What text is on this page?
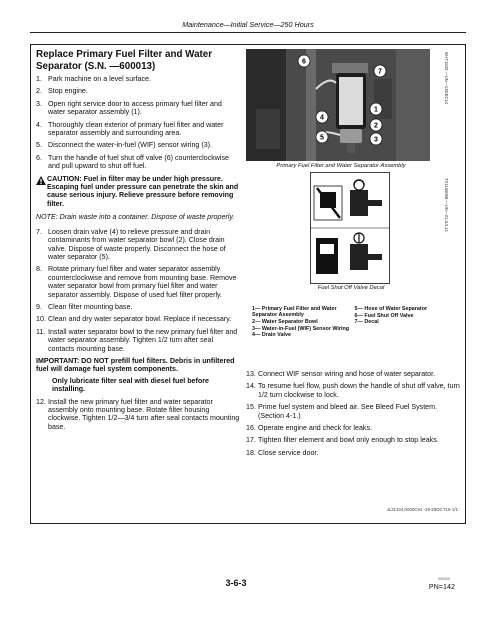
Maintenance—Initial Service—250 Hours
Replace Primary Fuel Filter and Water Separator (S.N. —600013)
1. Park machine on a level surface.
2. Stop engine.
3. Open right service door to access primary fuel filter and water separator assembly (1).
4. Thoroughly clean exterior of primary fuel filter and water separator assembly and surrounding area.
5. Disconnect the water-in-fuel (WIF) sensor wiring (3).
6. Turn the handle of fuel shut off valve (6) counterclockwise and pull upward to shut off fuel.
CAUTION: Fuel in filter may be under high pressure. Escaping fuel under pressure can penetrate the skin and cause serious injury. Relieve pressure before removing filter.
NOTE: Drain waste into a container. Dispose of waste properly.
7. Loosen drain valve (4) to relieve pressure and drain contaminants from water separator bowl (2). Close drain valve. Dispose of waste properly. Disconnect the hose of water separator (5).
8. Rotate primary fuel filter and water separator assembly counterclockwise and remove from mounting base. Remove water separator bowl from primary fuel filter and water separator assembly. Dispose of used fuel filter properly.
9. Clean filter mounting base.
10. Clean and dry water separator bowl. Replace if necessary.
11. Install water separator bowl to the new primary fuel filter and water separator assembly. Tighten 1/2 turn after seal contacts mounting base.
IMPORTANT: DO NOT prefill fuel filters. Debris in unfiltered fuel will damage fuel system components.
Only lubricate filter seal with diesel fuel before installing.
12. Install the new primary fuel filter and water separator assembly onto mounting base. Rotate filter housing clockwise. Tighten 1/2—3/4 turn after seal contacts mounting base.
1
2
3
4
5
6
7	W-IT1533 —UN—13DEC14
Primary Fuel Filter and Water Separator Assembly
TX1166058 —UN—21JUL14
Fuel Shut Off Valve Decal
1— Primary Fuel Filter and Water Separator Assembly
2— Water Separator Bowl
3— Water-in-Fuel (WIF) Sensor Wiring
4— Drain Valve
5— Hose of Water Separator
6— Fuel Shut Off Valve
7— Decal
13. Connect WIF sensor wiring and hose of water separator.
14. To resume fuel flow, push down the handle of shut off valve, turn 1/2 turn clockwise to lock.
15. Prime fuel system and bleed air. See Bleed Fuel System. (Section 4-1.)
16. Operate engine and check for leaks.
17. Tighten filter element and bowl only enough to stop leaks.
18. Close service door.
JL31334,0000C91 -19-28OCT15-1/1
3-6-3	090320
PN=142
